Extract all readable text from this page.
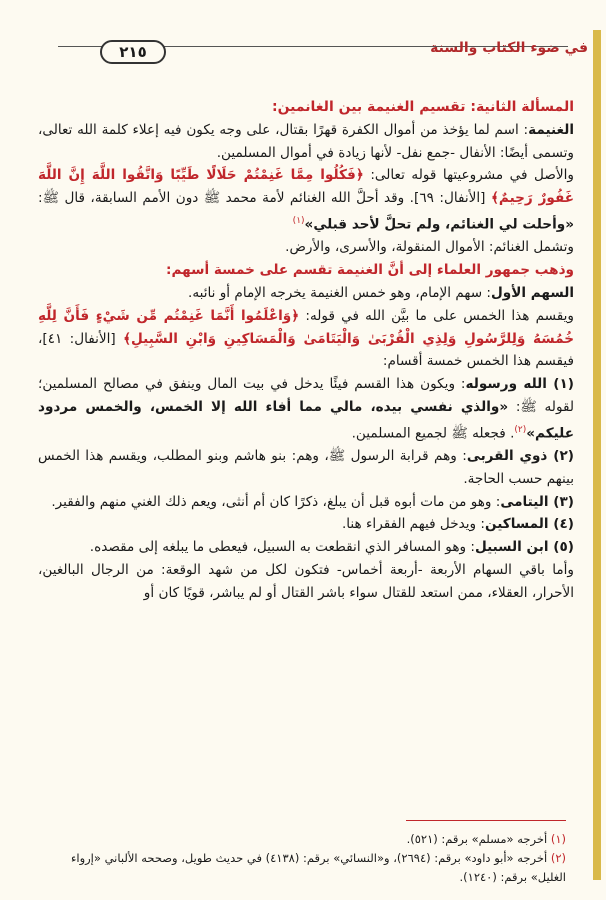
٢١٥	في ضوء الكتاب والسنة

المسألة الثانية: تقسيم الغنيمة بين الغانمين:

الغنيمة: اسم لما يؤخذ من أموال الكفرة قهرًا بقتال، على وجه يكون فيه إعلاء كلمة الله تعالى، وتسمى أيضًا: الأنفال -جمع نفل- لأنها زيادة في أموال المسلمين.

والأصل في مشروعيتها قوله تعالى: ﴿فَكُلُوا مِمَّا غَنِمْتُمْ حَلَالًا طَيِّبًا وَاتَّقُوا اللَّهَ إِنَّ اللَّهَ غَفُورٌ رَحِيمٌ﴾ [الأنفال: ٦٩]. وقد أحلَّ الله الغنائم لأمة محمد ﷺ دون الأمم السابقة، قال ﷺ: «وأحلت لي الغنائم، ولم تحلَّ لأحد قبلي»$^{(١)}$

وتشمل الغنائم: الأموال المنقولة، والأسرى، والأرض.

وذهب جمهور العلماء إلى أنَّ الغنيمة تقسم على خمسة أسهم:

السهم الأول: سهم الإمام، وهو خمس الغنيمة يخرجه الإمام أو نائبه.

ويقسم هذا الخمس على ما بيَّن الله في قوله: ﴿وَاعْلَمُوا أَنَّمَا غَنِمْتُم مِّن شَيْءٍ فَأَنَّ لِلَّهِ خُمُسَهُ وَلِلرَّسُولِ وَلِذِي الْقُرْبَىٰ وَالْيَتَامَىٰ وَالْمَسَاكِينِ وَابْنِ السَّبِيلِ﴾ [الأنفال: ٤١]، فيقسم هذا الخمس خمسة أقسام:

(١) الله ورسوله: ويكون هذا القسم فيئًا يدخل في بيت المال وينفق في مصالح المسلمين؛ لقوله ﷺ: «والذي نفسي بيده، مالي مما أفاء الله إلا الخمس، والخمس مردود عليكم»$^{(٢)}$. فجعله ﷺ لجميع المسلمين.

(٢) ذوي القربى: وهم قرابة الرسول ﷺ، وهم: بنو هاشم وبنو المطلب، ويقسم هذا الخمس بينهم حسب الحاجة.

(٣) اليتامى: وهو من مات أبوه قبل أن يبلغ، ذكرًا كان أم أنثى، ويعم ذلك الغني منهم والفقير.

(٤) المساكين: ويدخل فيهم الفقراء هنا.

(٥) ابن السبيل: وهو المسافر الذي انقطعت به السبيل، فيعطى ما يبلغه إلى مقصده.

وأما باقي السهام الأربعة -أربعة أخماس- فتكون لكل من شهد الوقعة: من الرجال البالغين، الأحرار، العقلاء، ممن استعد للقتال سواء باشر القتال أو لم يباشر، قويًا كان أو

(١) أخرجه «مسلم» برقم: (٥٢١).
(٢) أخرجه «أبو داود» برقم: (٢٦٩٤)، و«النسائي» برقم: (٤١٣٨) في حديث طويل، وصححه الألباني «إرواء الغليل» برقم: (١٢٤٠).
